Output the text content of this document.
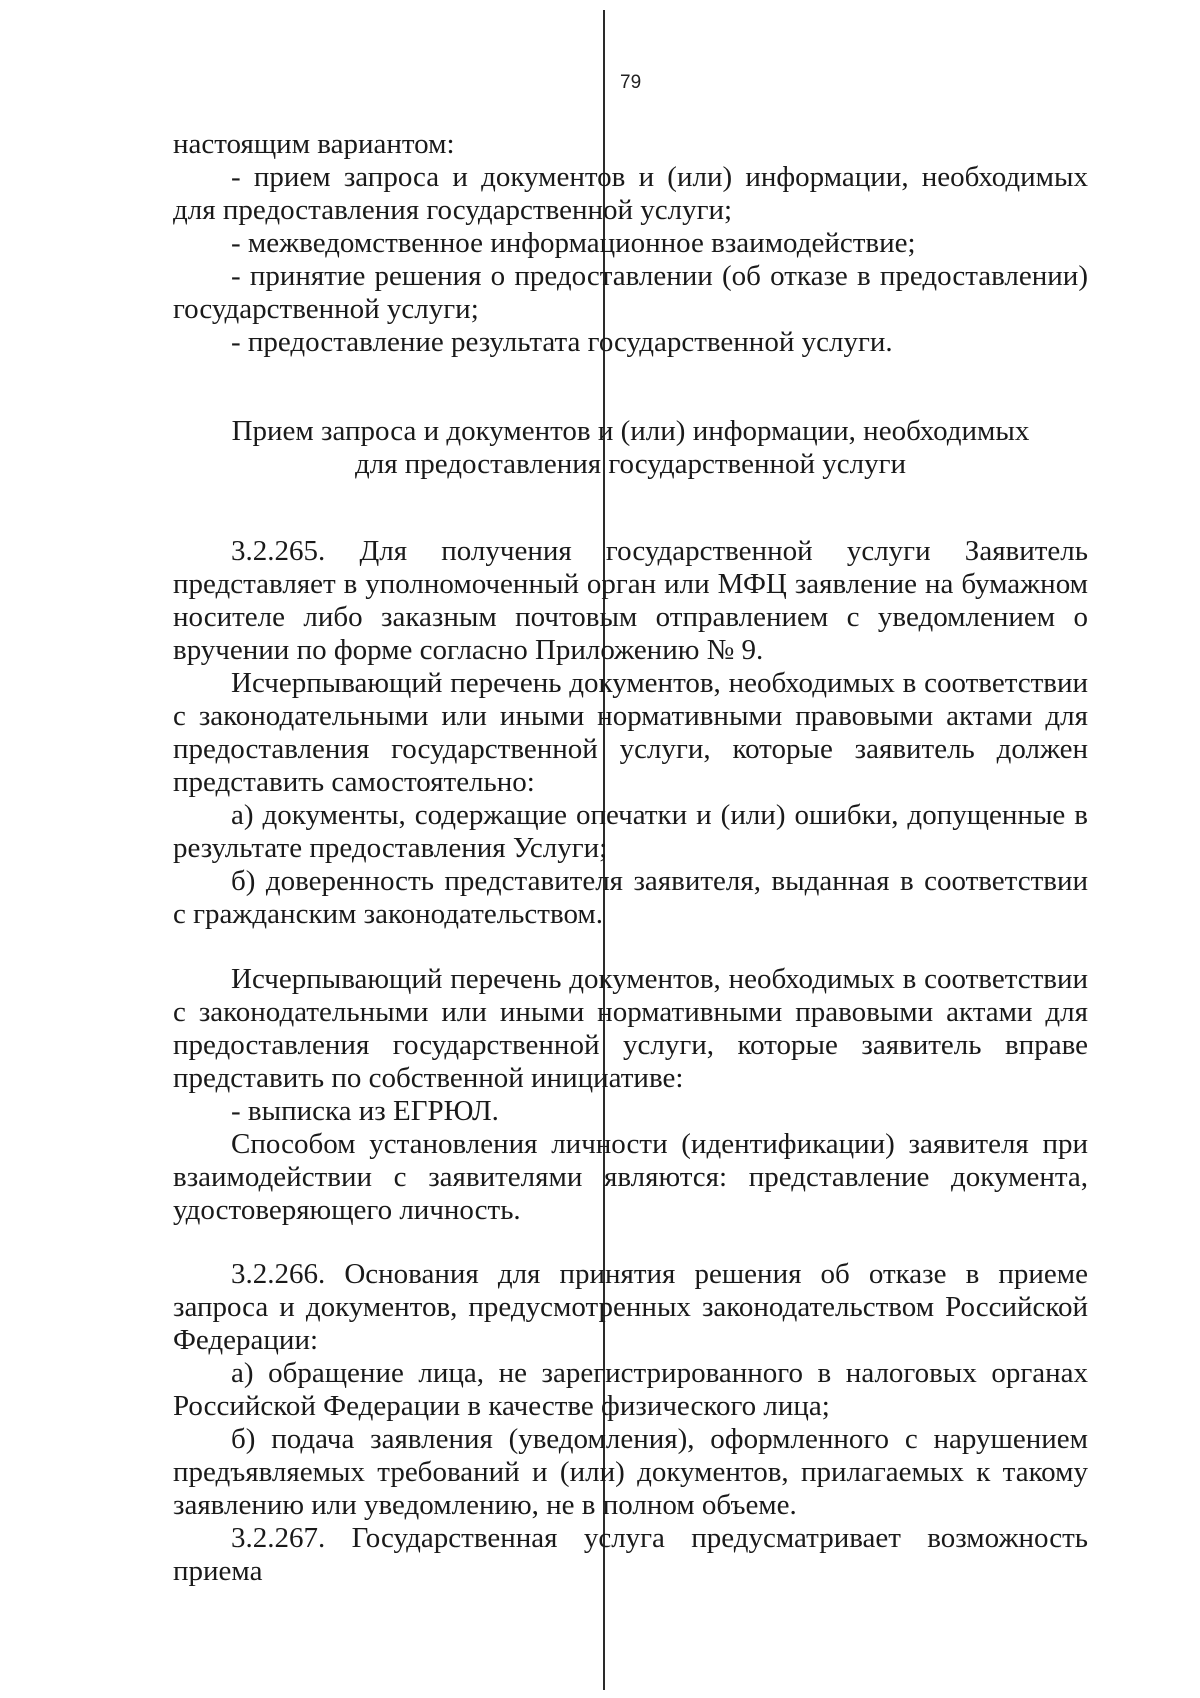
79

настоящим вариантом:

- прием запроса и документов и (или) информации, необходимых для предоставления государственной услуги;

- межведомственное информационное взаимодействие;

- принятие решения о предоставлении (об отказе в предоставлении) государственной услуги;

- предоставление результата государственной услуги.

Прием запроса и документов и (или) информации, необходимых
для предоставления государственной услуги

3.2.265. Для получения государственной услуги Заявитель представляет в уполномоченный орган или МФЦ заявление на бумажном носителе либо заказным почтовым отправлением с уведомлением о вручении по форме согласно Приложению № 9.

Исчерпывающий перечень документов, необходимых в соответствии с законодательными или иными нормативными правовыми актами для предоставления государственной услуги, которые заявитель должен представить самостоятельно:

а) документы, содержащие опечатки и (или) ошибки, допущенные в результате предоставления Услуги;

б) доверенность представителя заявителя, выданная в соответствии с гражданским законодательством.

Исчерпывающий перечень документов, необходимых в соответствии с законодательными или иными нормативными правовыми актами для предоставления государственной услуги, которые заявитель вправе представить по собственной инициативе:

- выписка из ЕГРЮЛ.

Способом установления личности (идентификации) заявителя при взаимодействии с заявителями являются: представление документа, удостоверяющего личность.

3.2.266. Основания для принятия решения об отказе в приеме запроса и документов, предусмотренных законодательством Российской Федерации:

а) обращение лица, не зарегистрированного в налоговых органах Российской Федерации в качестве физического лица;

б) подача заявления (уведомления), оформленного с нарушением предъявляемых требований и (или) документов, прилагаемых к такому заявлению или уведомлению, не в полном объеме.

3.2.267. Государственная услуга предусматривает возможность приема
